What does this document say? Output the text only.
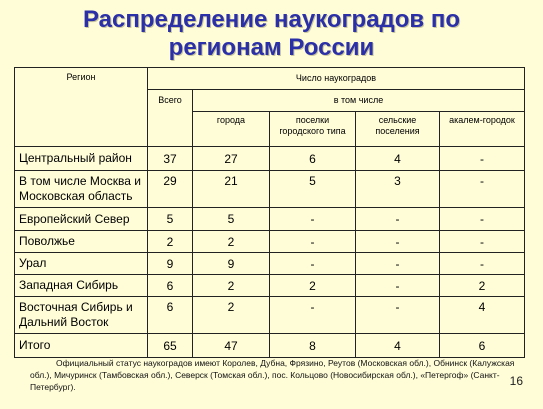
Распределение наукоградов по
регионам России
Регион	Число наукоградов				
	Всего	в том числе			
		города	поселки городского типа	сельские поселения	акалем-городок
Центральный район	37	27	6	4	-
В том числе Москва и Московская область	29	21	5	3	-
Европейский Север	5	5	-	-	-
Поволжье	2	2	-	-	-
Урал	9	9	-	-	-
Западная Сибирь	6	2	2	-	2
Восточная Сибирь и Дальний Восток	6	2	-	-	4
Итого	65	47	8	4	6
Официальный статус наукоградов имеют Королев, Дубна, Фрязино, Реутов (Московская обл.), Обнинск (Калужская обл.), Мичуринск (Тамбовская обл.), Северск (Томская обл.), пос. Кольцово (Новосибирская обл.), «Петергоф» (Санкт-Петербург).	16
